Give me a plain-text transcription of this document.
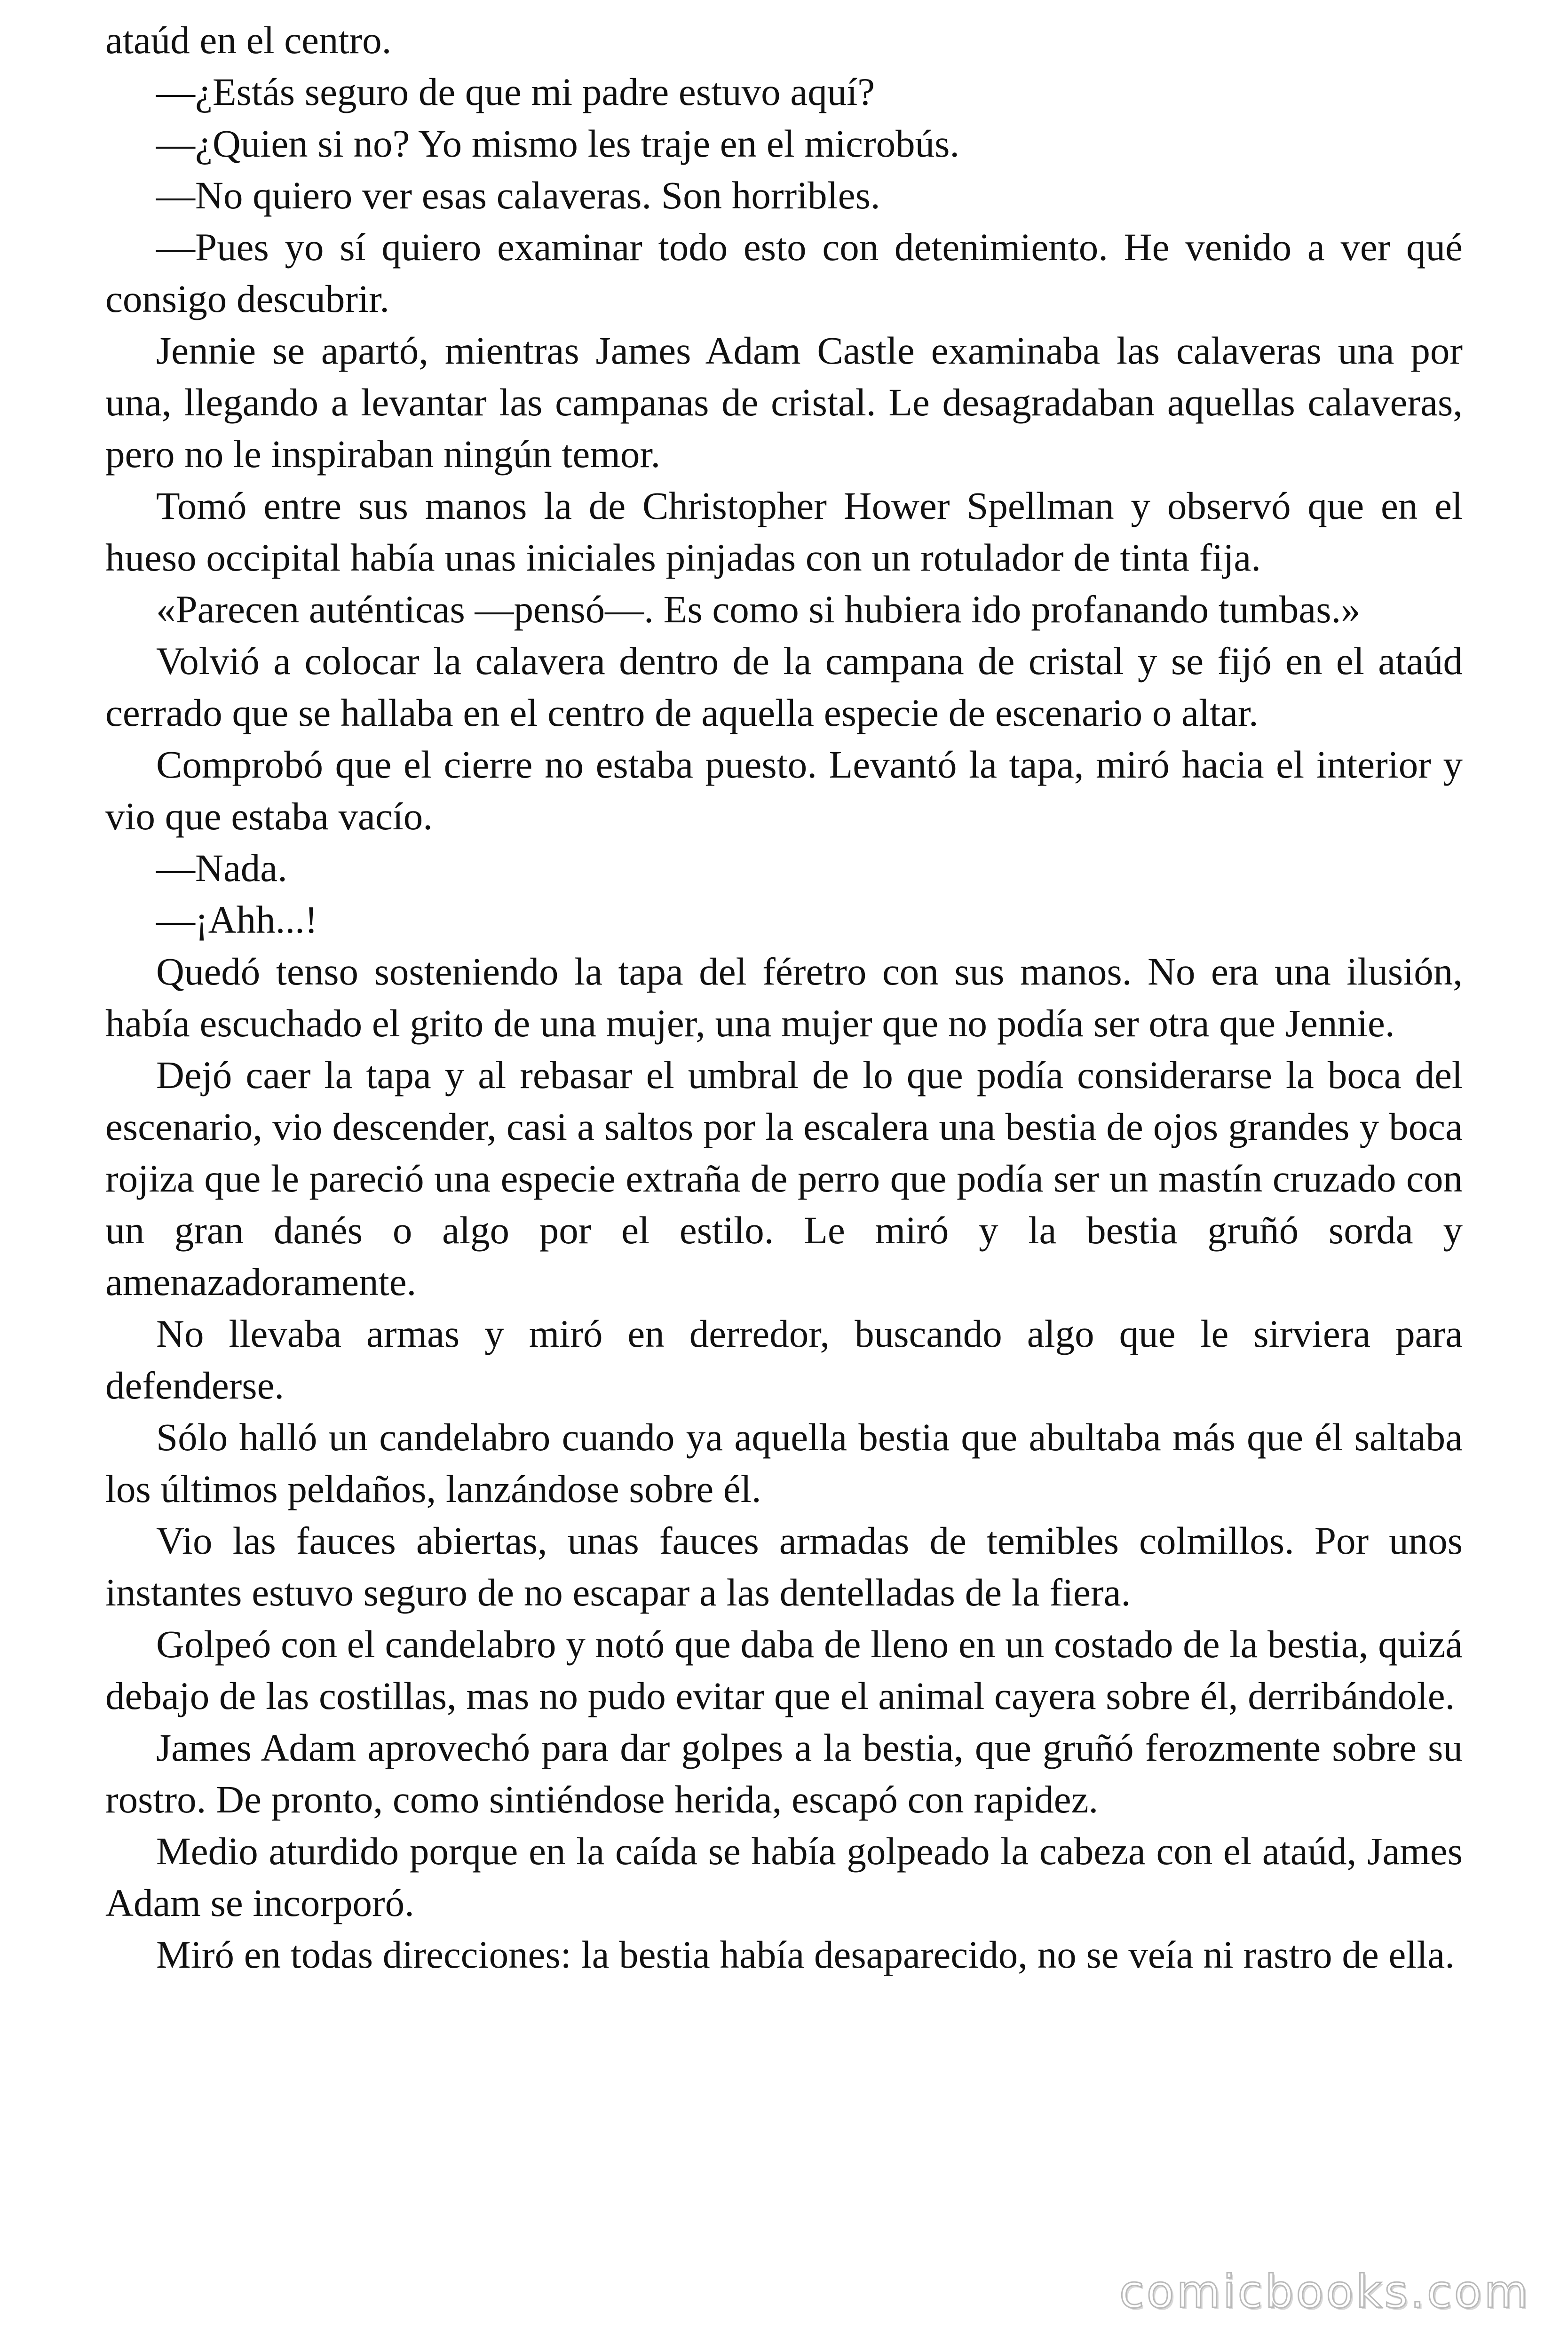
ataúd en el centro.

—¿Estás seguro de que mi padre estuvo aquí?

—¿Quien si no? Yo mismo les traje en el microbús.

—No quiero ver esas calaveras. Son horribles.

—Pues yo sí quiero examinar todo esto con detenimiento. He venido a ver qué consigo descubrir.

Jennie se apartó, mientras James Adam Castle examinaba las calaveras una por una, llegando a levantar las campanas de cristal. Le desagradaban aquellas calaveras, pero no le inspiraban ningún temor.

Tomó entre sus manos la de Christopher Hower Spellman y observó que en el hueso occipital había unas iniciales pinjadas con un rotulador de tinta fija.

«Parecen auténticas —pensó—. Es como si hubiera ido profanando tumbas.»

Volvió a colocar la calavera dentro de la campana de cristal y se fijó en el ataúd cerrado que se hallaba en el centro de aquella especie de escenario o altar.

Comprobó que el cierre no estaba puesto. Levantó la tapa, miró hacia el interior y vio que estaba vacío.

—Nada.

—¡Ahh...!

Quedó tenso sosteniendo la tapa del féretro con sus manos. No era una ilusión, había escuchado el grito de una mujer, una mujer que no podía ser otra que Jennie.

Dejó caer la tapa y al rebasar el umbral de lo que podía considerarse la boca del escenario, vio descender, casi a saltos por la escalera una bestia de ojos grandes y boca rojiza que le pareció una especie extraña de perro que podía ser un mastín cruzado con un gran danés o algo por el estilo. Le miró y la bestia gruñó sorda y amenazadoramente.

No llevaba armas y miró en derredor, buscando algo que le sirviera para defenderse.

Sólo halló un candelabro cuando ya aquella bestia que abultaba más que él saltaba los últimos peldaños, lanzándose sobre él.

Vio las fauces abiertas, unas fauces armadas de temibles colmillos. Por unos instantes estuvo seguro de no escapar a las dentelladas de la fiera.

Golpeó con el candelabro y notó que daba de lleno en un costado de la bestia, quizá debajo de las costillas, mas no pudo evitar que el animal cayera sobre él, derribándole.

James Adam aprovechó para dar golpes a la bestia, que gruñó ferozmente sobre su rostro. De pronto, como sintiéndose herida, escapó con rapidez.

Medio aturdido porque en la caída se había golpeado la cabeza con el ataúd, James Adam se incorporó.

Miró en todas direcciones: la bestia había desaparecido, no se veía ni rastro de ella.

comicbooks.com
